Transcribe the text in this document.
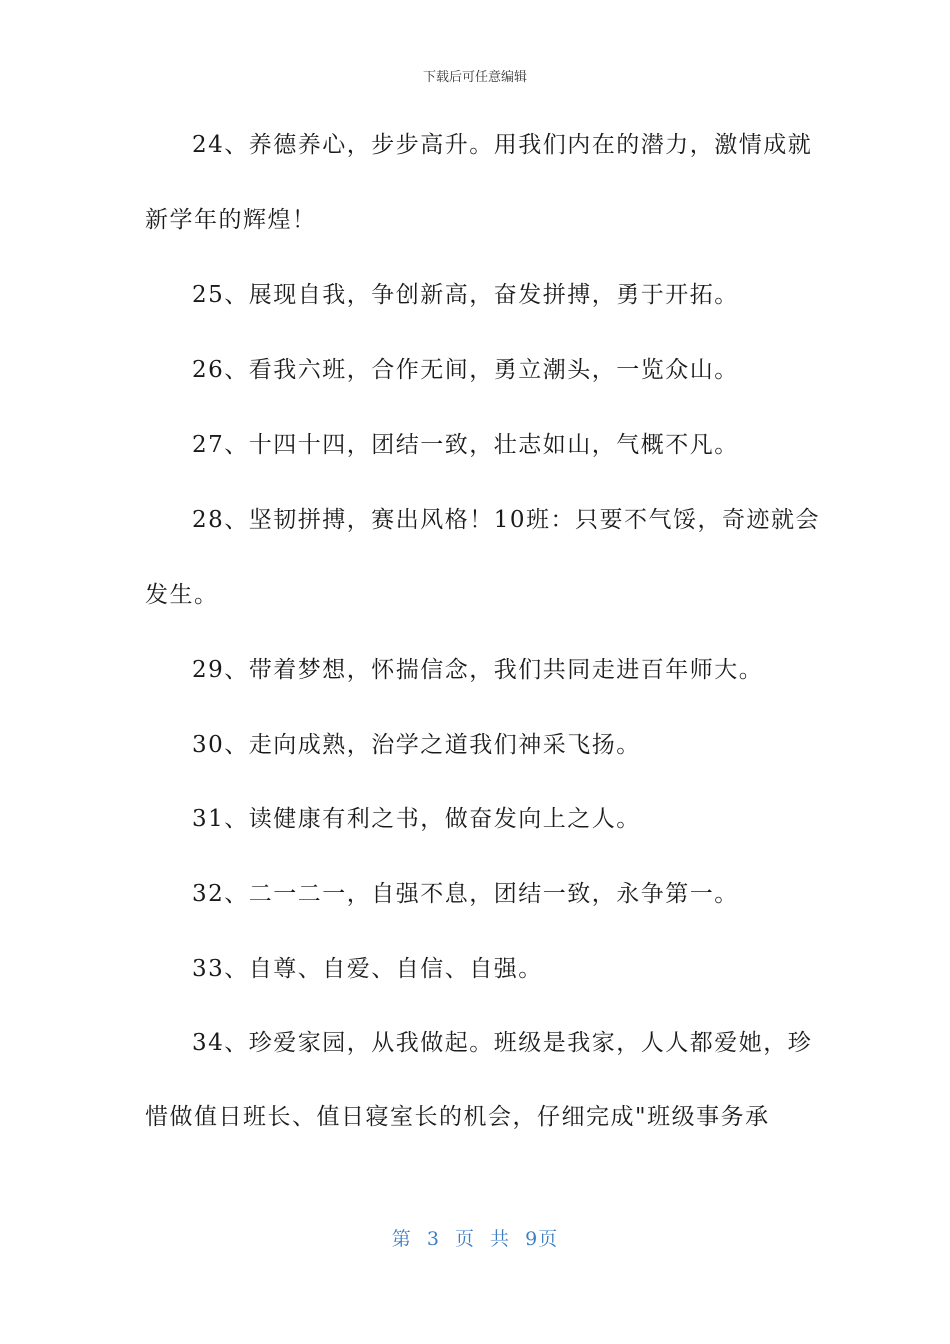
下载后可任意编辑
24、养德养心，步步高升。用我们内在的潜力，激情成就
新学年的辉煌！
25、展现自我，争创新高，奋发拼搏，勇于开拓。
26、看我六班，合作无间，勇立潮头，一览众山。
27、十四十四，团结一致，壮志如山，气概不凡。
28、坚韧拼搏，赛出风格！10班：只要不气馁，奇迹就会
发生。
29、带着梦想，怀揣信念，我们共同走进百年师大。
30、走向成熟，治学之道我们神采飞扬。
31、读健康有利之书，做奋发向上之人。
32、二一二一，自强不息，团结一致，永争第一。
33、自尊、自爱、自信、自强。
34、珍爱家园，从我做起。班级是我家，人人都爱她，珍
惜做值日班长、值日寝室长的机会，仔细完成"班级事务承
第 3 页 共 9页
